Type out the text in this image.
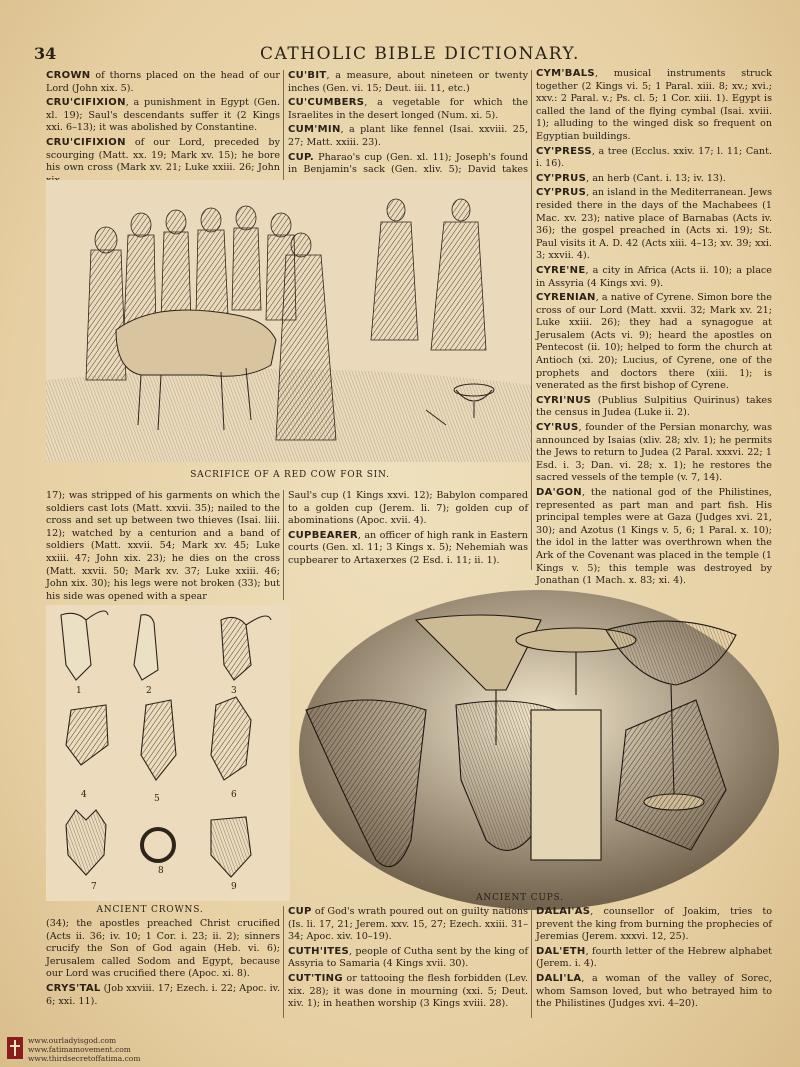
34	CATHOLIC BIBLE DICTIONARY.

CROWN of thorns placed on the head of our Lord (John xix. 5).

CRU'CIFIXION, a punishment in Egypt (Gen. xl. 19); Saul's descendants suffer it (2 Kings xxi. 6–13); it was abolished by Constantine.

CRU'CIFIXION of our Lord, preceded by scourging (Matt. xx. 19; Mark xv. 15); he bore his own cross (Mark xv. 21; Luke xxiii. 26; John

CU'BIT, a measure, about nineteen or twenty inches (Gen. vi. 15; Deut. iii. 11, etc.)

CU'CUMBERS, a vegetable for which the Israelites in the desert longed (Num. xi. 5).

CUM'MIN, a plant like fennel (Isai. xxviii. 25, 27; Matt. xxiii. 23).

CUP. Pharao's cup (Gen. xl. 11); Joseph's found in Benjamin's sack (Gen. xliv. 5); David takes

CYM'BALS, musical instruments struck together (2 Kings vi. 5; 1 Paral. xiii. 8; xv.; xvi.; xxv.: 2 Paral. v.; Ps. cl. 5; 1 Cor. xiii. 1). Egypt is called the land of the flying cymbal (Isai. xviii. 1); alluding to the winged disk so frequent on Egyptian buildings.

CY'PRESS, a tree (Ecclus. xxiv. 17; l. 11; Cant. i. 16).

CY'PRUS, an herb (Cant. i. 13; iv. 13).

CY'PRUS, an island in the Mediterranean. Jews resided there in the days of the Machabees (1 Mac. xv. 23); native place of Barnabas (Acts iv. 36); the gospel preached in (Acts xi. 19); St. Paul visits it A. D. 42 (Acts xiii. 4–13; xv. 39; xxi. 3; xxvii. 4).

CYRE'NE, a city in Africa (Acts ii. 10); a place in Assyria (4 Kings xvi. 9).

CYRENIAN, a native of Cyrene. Simon bore the cross of our Lord (Matt. xxvii. 32; Mark xv. 21; Luke xxiii. 26); they had a synagogue at Jerusalem (Acts vi. 9); heard the apostles on Pentecost (ii. 10); helped to form the church at Antioch (xi. 20); Lucius, of Cyrene, one of the prophets and doctors there (xiii. 1); is venerated as the first bishop of Cyrene.

CYRI'NUS (Publius Sulpitius Quirinus) takes the census in Judea (Luke ii. 2).

CY'RUS, founder of the Persian monarchy, was announced by Isaias (xliv. 28; xlv. 1); he permits the Jews to return to Judea (2 Paral. xxxvi. 22; 1 Esd. i. 3; Dan. vi. 28; x. 1); he restores the sacred vessels of the temple (v. 7, 14).

DA'GON, the national god of the Philistines, represented as part man and part fish. His principal temples were at Gaza (Judges xvi. 21, 30); and Azotus (1 Kings v. 5, 6; 1 Paral. x. 10); the idol in the latter was overthrown when the Ark of the Covenant was placed in the temple (1 Kings v. 5); this temple was destroyed by Jonathan (1 Mach. x. 83; xi. 4).

SACRIFICE OF A RED COW FOR SIN.

17); was stripped of his garments on which the soldiers cast lots (Matt. xxvii. 35); nailed to the cross and set up between two thieves (Isai. liii. 12); watched by a centurion and a band of soldiers (Matt. xxvii. 54; Mark xv. 45; Luke xxiii. 47; John xix. 23); he dies on the cross (Matt. xxvii. 50; Mark xv. 37; Luke xxiii. 46; John xix. 30); his legs were not broken (33); but his side was opened with a spear

Saul's cup (1 Kings xxvi. 12); Babylon compared to a golden cup (Jerem. li. 7); golden cup of abominations (Apoc. xvii. 4).

CUPBEARER, an officer of high rank in Eastern courts (Gen. xl. 11; 3 Kings x. 5); Nehemiah was cupbearer to Artaxerxes (2 Esd. i. 11; ii. 1).

1	2	3
4	5	6
7
8
9
ANCIENT CROWNS.
ANCIENT CUPS.

(34); the apostles preached Christ crucified (Acts ii. 36; iv. 10; 1 Cor. i. 23; ii. 2); sinners crucify the Son of God again (Heb. vi. 6); Jerusalem called Sodom and Egypt, because our Lord was crucified there (Apoc. xi. 8).

CRYS'TAL (Job xxviii. 17; Ezech. i. 22; Apoc. iv. 6; xxi. 11).

CUP of God's wrath poured out on guilty nations (Is. li. 17, 21; Jerem. xxv. 15, 27; Ezech. xxiii. 31–34; Apoc. xiv. 10–19).

CUTH'ITES, people of Cutha sent by the king of Assyria to Samaria (4 Kings xvii. 30).

CUT'TING or tattooing the flesh forbidden (Lev. xix. 28); it was done in mourning (xxi. 5; Deut. xiv. 1); in heathen worship (3 Kings xviii. 28).

DALAI'AS, counsellor of Joakim, tries to prevent the king from burning the prophecies of Jeremias (Jerem. xxxvi. 12, 25).

DAL'ETH, fourth letter of the Hebrew alphabet (Jerem. i. 4).

DALI'LA, a woman of the valley of Sorec, whom Samson loved, but who betrayed him to the Philistines (Judges xvi. 4–20).

www.ourladyisgod.com
www.fatimamovement.com
www.thirdsecretoffatima.com
